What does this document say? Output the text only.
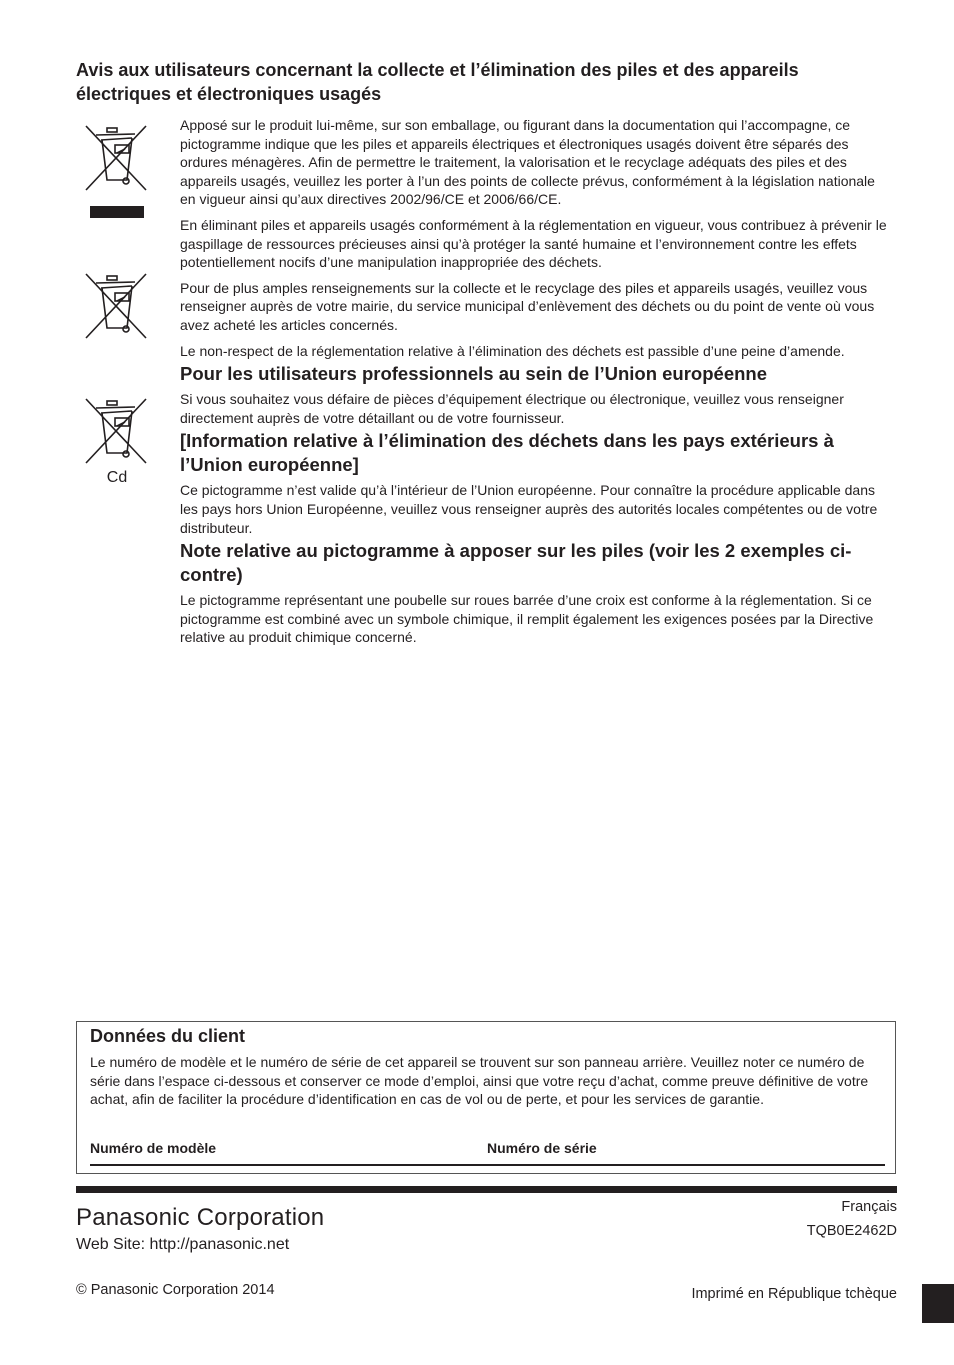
Avis aux utilisateurs concernant la collecte et l’élimination des piles et des appareils
électriques et électroniques usagés
Cd

Apposé sur le produit lui-même, sur son emballage, ou figurant dans la documentation qui l’accompagne, ce pictogramme indique que les piles et appareils électriques et électroniques usagés doivent être séparés des ordures ménagères. Afin de permettre le traitement, la valorisation et le recyclage adéquats des piles et des appareils usagés, veuillez les porter à l’un des points de collecte prévus, conformément à la législation nationale en vigueur ainsi qu’aux directives 2002/96/CE et 2006/66/CE.

En éliminant piles et appareils usagés conformément à la réglementation en vigueur, vous contribuez à prévenir le gaspillage de ressources précieuses ainsi qu’à protéger la santé humaine et l’environnement contre les effets potentiellement nocifs d’une manipulation inappropriée des déchets.

Pour de plus amples renseignements sur la collecte et le recyclage des piles et appareils usagés, veuillez vous renseigner auprès de votre mairie, du service municipal d’enlèvement des déchets ou du point de vente où vous avez acheté les articles concernés.

Le non-respect de la réglementation relative à l’élimination des déchets est passible d’une peine d’amende.

Pour les utilisateurs professionnels au sein de l’Union européenne

Si vous souhaitez vous défaire de pièces d’équipement électrique ou électronique, veuillez vous renseigner directement auprès de votre détaillant ou de votre fournisseur.

[Information relative à l’élimination des déchets dans les pays extérieurs à l’Union européenne]

Ce pictogramme n’est valide qu’à l’intérieur de l’Union européenne. Pour connaître la procédure applicable dans les pays hors Union Européenne, veuillez vous renseigner auprès des autorités locales compétentes ou de votre distributeur.

Note relative au pictogramme à apposer sur les piles (voir les 2 exemples ci-contre)

Le pictogramme représentant une poubelle sur roues barrée d’une croix est conforme à la réglementation. Si ce pictogramme est combiné avec un symbole chimique, il remplit également les exigences posées par la Directive relative au produit chimique concerné.

Données du client

Le numéro de modèle et le numéro de série de cet appareil se trouvent sur son panneau arrière. Veuillez noter ce numéro de série dans l’espace ci-dessous et conserver ce mode d’emploi, ainsi que votre reçu d’achat, comme preuve définitive de votre achat, afin de faciliter la procédure d’identification en cas de vol ou de perte, et pour les services de garantie.

Numéro de modèle	Numéro de série
Panasonic Corporation
Web Site: http://panasonic.net
© Panasonic Corporation 2014
Français
TQB0E2462D
Imprimé en République tchèque
